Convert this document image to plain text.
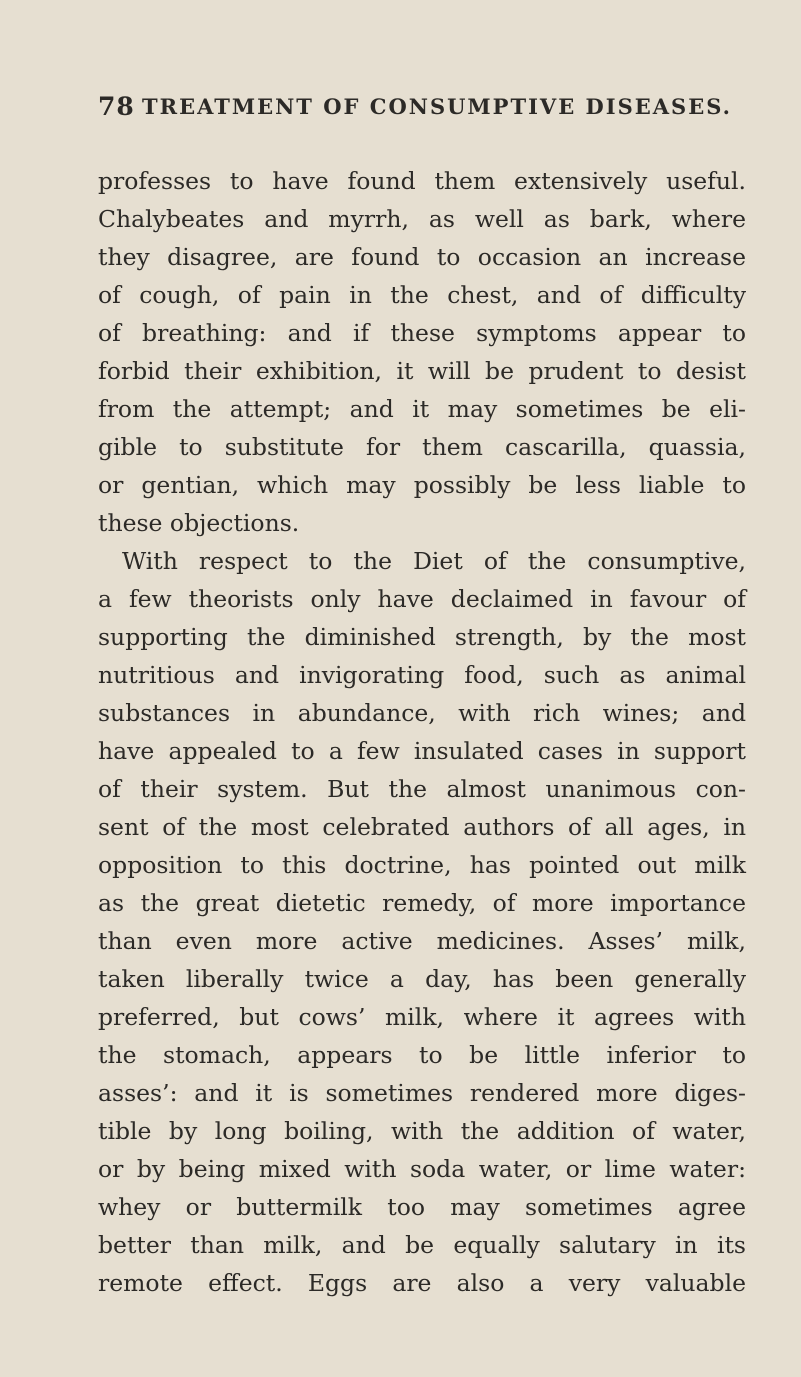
78 TREATMENT OF CONSUMPTIVE DISEASES.
professes to have found them extensively useful.
Chalybeates and myrrh, as well as bark, where
they disagree, are found to occasion an increase
of cough, of pain in the chest, and of difficulty
of breathing: and if these symptoms appear to
forbid their exhibition, it will be prudent to desist
from the attempt; and it may sometimes be eli-
gible to substitute for them cascarilla, quassia,
or gentian, which may possibly be less liable to
these objections.
With respect to the Diet of the consumptive,
a few theorists only have declaimed in favour of
supporting the diminished strength, by the most
nutritious and invigorating food, such as animal
substances in abundance, with rich wines; and
have appealed to a few insulated cases in support
of their system. But the almost unanimous con-
sent of the most celebrated authors of all ages, in
opposition to this doctrine, has pointed out milk
as the great dietetic remedy, of more importance
than even more active medicines. Asses’ milk,
taken liberally twice a day, has been generally
preferred, but cows’ milk, where it agrees with
the stomach, appears to be little inferior to
asses’: and it is sometimes rendered more diges-
tible by long boiling, with the addition of water,
or by being mixed with soda water, or lime water:
whey or buttermilk too may sometimes agree
better than milk, and be equally salutary in its
remote effect. Eggs are also a very valuable
